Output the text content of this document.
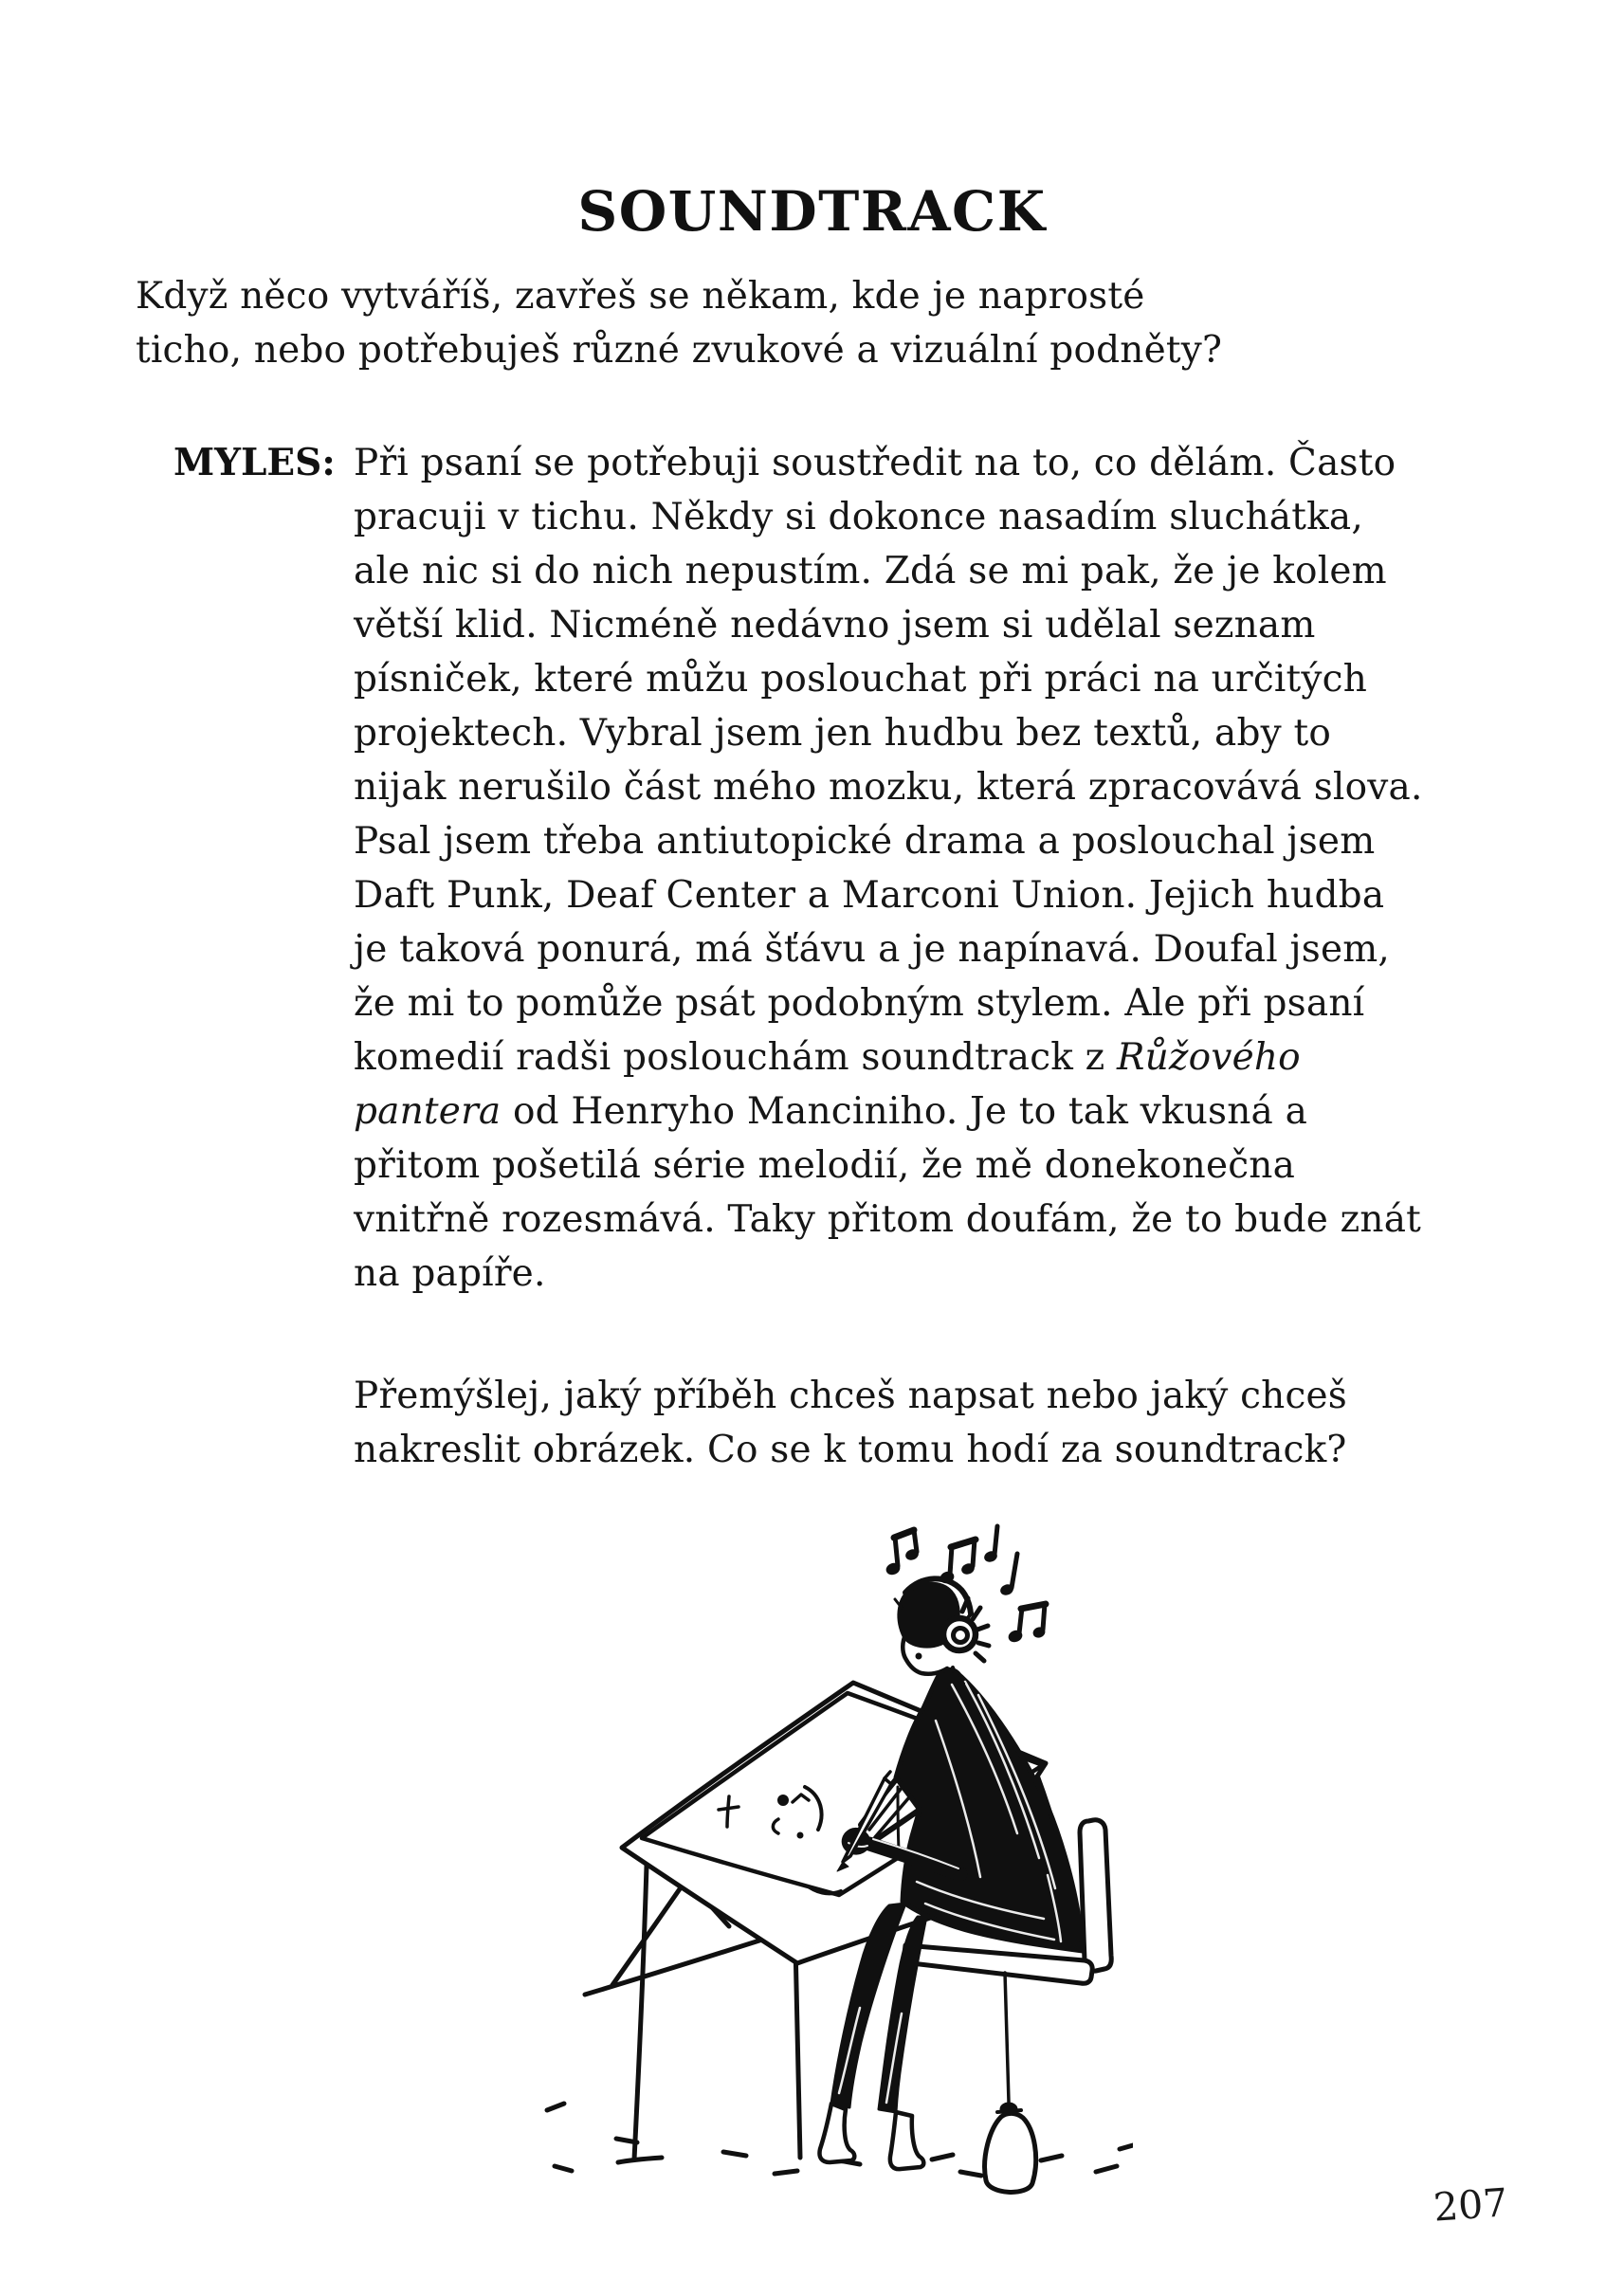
SOUNDTRACK

Když něco vytváříš, zavřeš se někam, kde je naprosté ticho, nebo potřebuješ různé zvukové a vizuální podněty?

MYLES: Při psaní se potřebuji soustředit na to, co dělám. Často pracuji v tichu. Někdy si dokonce nasadím sluchátka, ale nic si do nich nepustím. Zdá se mi pak, že je kolem větší klid. Nicméně nedávno jsem si udělal seznam písniček, které můžu poslouchat při práci na určitých projektech. Vybral jsem jen hudbu bez textů, aby to nijak nerušilo část mého mozku, která zpracovává slova. Psal jsem třeba antiutopické drama a poslouchal jsem Daft Punk, Deaf Center a Marconi Union. Jejich hudba je taková ponurá, má šťávu a je napínavá. Doufal jsem, že mi to pomůže psát podobným stylem. Ale při psaní komedií radši poslouchám soundtrack z Růžového pantera od Henryho Manciniho. Je to tak vkusná a přitom pošetilá série melodií, že mě donekonečna vnitřně rozesmává. Taky přitom doufám, že to bude znát na papíře.

Přemýšlej, jaký příběh chceš napsat nebo jaký chceš nakreslit obrázek. Co se k tomu hodí za soundtrack?

207
